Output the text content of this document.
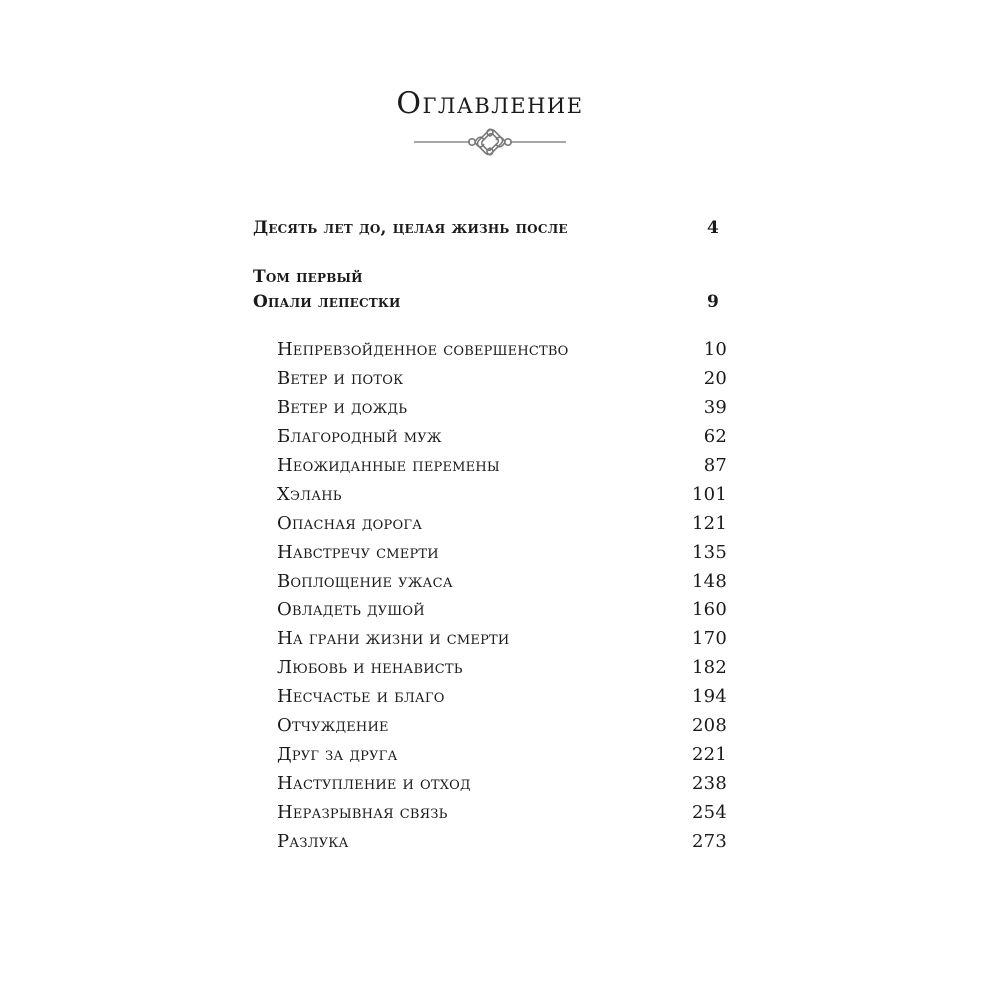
Оглавление
Десять лет до, целая жизнь после	4
Том первый
Опали лепестки	9
Непревзойденное совершенство	10
Ветер и поток	20
Ветер и дождь	39
Благородный муж	62
Неожиданные перемены	87
Хэлань	101
Опасная дорога	121
Навстречу смерти	135
Воплощение ужаса	148
Овладеть душой	160
На грани жизни и смерти	170
Любовь и ненависть	182
Несчастье и благо	194
Отчуждение	208
Друг за друга	221
Наступление и отход	238
Неразрывная связь	254
Разлука	273
